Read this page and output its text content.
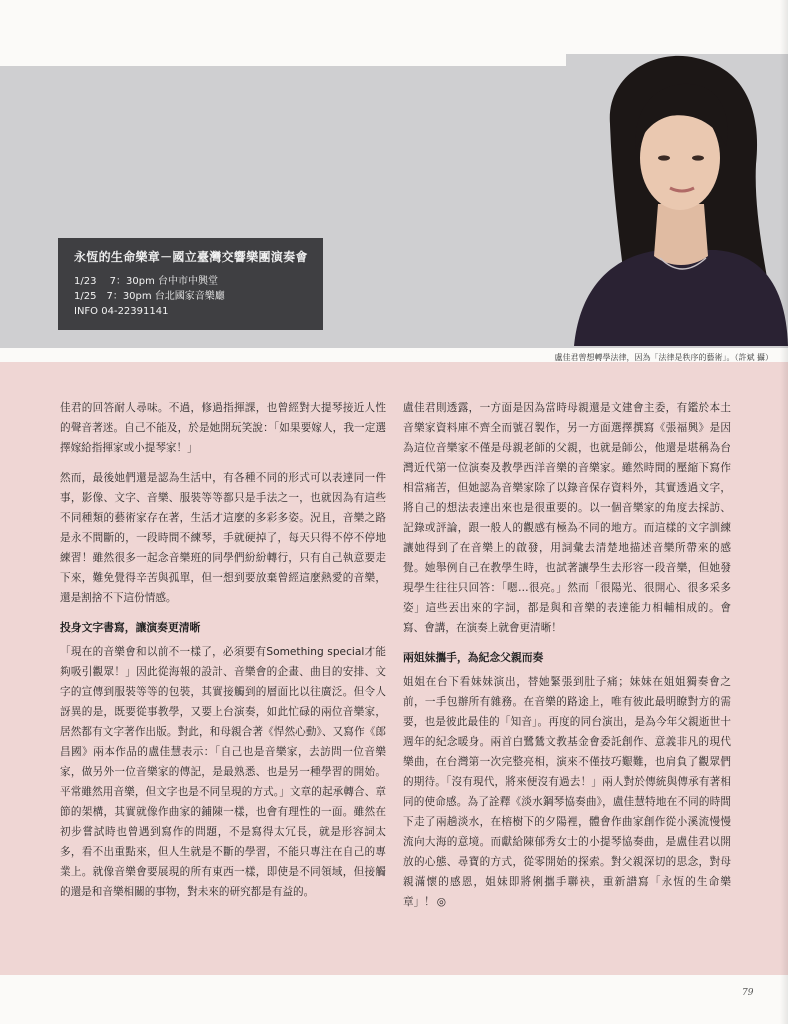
永恆的生命樂章－國立臺灣交響樂團演奏會
1/23　 7：30pm 台中市中興堂
1/25　7：30pm 台北國家音樂廳
INFO 04-22391141
盧佳君曾想轉學法律，因為「法律是秩序的藝術」。（許斌 攝）

佳君的回答耐人尋味。不過，修過指揮課，也曾經對大提琴接近人性的聲音著迷。自己不能及，於是她開玩笑說：「如果要嫁人，我一定選擇嫁給指揮家或小提琴家！」

然而，最後她們還是認為生活中，有各種不同的形式可以表達同一件事，影像、文字、音樂、服裝等等都只是手法之一，也就因為有這些不同種類的藝術家存在著，生活才這麼的多彩多姿。況且，音樂之路是永不間斷的，一段時間不練琴，手就硬掉了，每天只得不停不停地練習！雖然很多一起念音樂班的同學們紛紛轉行，只有自己執意要走下來，難免覺得辛苦與孤單，但一想到要放棄曾經這麼熱愛的音樂，還是割捨不下這份情感。

投身文字書寫，讓演奏更清晰

「現在的音樂會和以前不一樣了，必須要有Something special才能夠吸引觀眾！」因此從海報的設計、音樂會的企畫、曲目的安排、文字的宣傳到服裝等等的包裝，其實接觸到的層面比以往廣泛。但令人訝異的是，既要從事教學，又要上台演奏，如此忙碌的兩位音樂家，居然都有文字著作出版。對此，和母親合著《悍然心動》、又寫作《郎昌國》兩本作品的盧佳慧表示：「自己也是音樂家，去訪問一位音樂家，做另外一位音樂家的傳記，是最熟悉、也是另一種學習的開始。平常雖然用音樂，但文字也是不同呈現的方式。」文章的起承轉合、章節的架構，其實就像作曲家的鋪陳一樣，也會有理性的一面。雖然在初步嘗試時也曾遇到寫作的問題，不是寫得太冗長，就是形容詞太多，看不出重點來，但人生就是不斷的學習，不能只專注在自己的專業上。就像音樂會要展現的所有東西一樣，即使是不同領域，但接觸的還是和音樂相關的事物，對未來的研究都是有益的。

盧佳君則透露，一方面是因為當時母親還是文建會主委，有鑑於本土音樂家資料庫不齊全而號召製作，另一方面選擇撰寫《張福興》是因為這位音樂家不僅是母親老師的父親，也就是師公，他還是堪稱為台灣近代第一位演奏及教學西洋音樂的音樂家。雖然時間的壓縮下寫作相當痛苦，但她認為音樂家除了以錄音保存資料外，其實透過文字，將自己的想法表達出來也是很重要的。以一個音樂家的角度去採訪、記錄或評論，跟一般人的觀感有極為不同的地方。而這樣的文字訓練讓她得到了在音樂上的啟發，用詞彙去清楚地描述音樂所帶來的感覺。她舉例自己在教學生時，也試著讓學生去形容一段音樂，但她發現學生往往只回答：「嗯…很亮。」然而「很陽光、很開心、很多采多姿」這些丟出來的字詞，都是與和音樂的表達能力相輔相成的。會寫、會講，在演奏上就會更清晰！

兩姐妹攜手，為紀念父親而奏

姐姐在台下看妹妹演出，替她緊張到肚子痛；妹妹在姐姐獨奏會之前，一手包辦所有雜務。在音樂的路途上，唯有彼此最明瞭對方的需要，也是彼此最佳的「知音」。再度的同台演出，是為今年父親逝世十週年的紀念暖身。兩首白鷺鷥文教基金會委託創作、意義非凡的現代樂曲，在台灣第一次完整亮相，演來不僅技巧艱難，也肩負了觀眾們的期待。「沒有現代，將來便沒有過去！」兩人對於傳統與傳承有著相同的使命感。為了詮釋《淡水鋼琴協奏曲》，盧佳慧特地在不同的時間下走了兩趟淡水，在榕樹下的夕陽裡，體會作曲家創作從小溪流慢慢流向大海的意境。而獻給陳郁秀女士的小提琴協奏曲，是盧佳君以開放的心態、尋寶的方式，從零開始的探索。對父親深切的思念，對母親滿懷的感恩，姐妹即將俐攜手聯袂，重新譜寫「永恆的生命樂章」！ ◎

79
